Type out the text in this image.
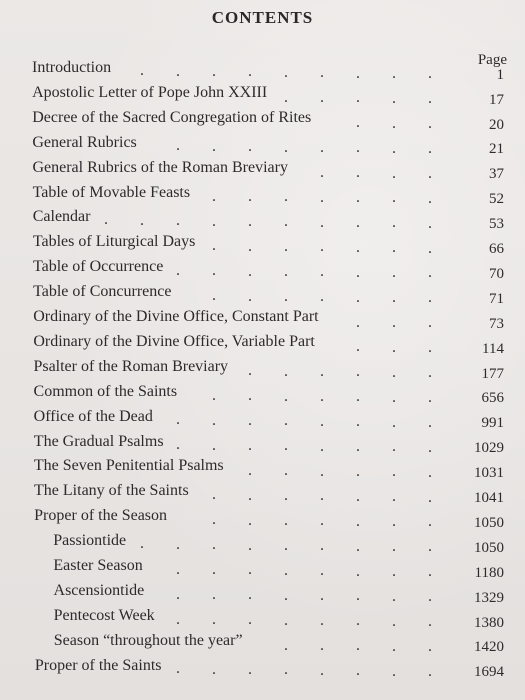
CONTENTS
Page
Introduction	1
. . . . . . . . .
Apostolic Letter of Pope John XXIII	17
. . . . .
Decree of the Sacred Congregation of Rites	20
. . .
General Rubrics	21
. . . . . . . .
General Rubrics of the Roman Breviary	37
. . . .
Table of Movable Feasts	52
. . . . . . .
Calendar	53
. . . . . . . . . .
Tables of Liturgical Days	66
. . . . . . .
Table of Occurrence	70
. . . . . . . .
Table of Concurrence	71
. . . . . . .
Ordinary of the Divine Office, Constant Part	73
. . .
Ordinary of the Divine Office, Variable Part	114
. . .
Psalter of the Roman Breviary	177
. . . . . .
Common of the Saints	656
. . . . . . .
Office of the Dead	991
. . . . . . . .
The Gradual Psalms	1029
. . . . . . . .
The Seven Penitential Psalms	1031
. . . . . .
The Litany of the Saints	1041
. . . . . . .
Proper of the Season	1050
. . . . . . .
Passiontide	1050
. . . . . . . . .
Easter Season	1180
. . . . . . . .
Ascensiontide	1329
. . . . . . . .
Pentecost Week	1380
. . . . . . . .
Season “throughout the year”	1420
. . . . .
Proper of the Saints	1694
. . . . . . . .
